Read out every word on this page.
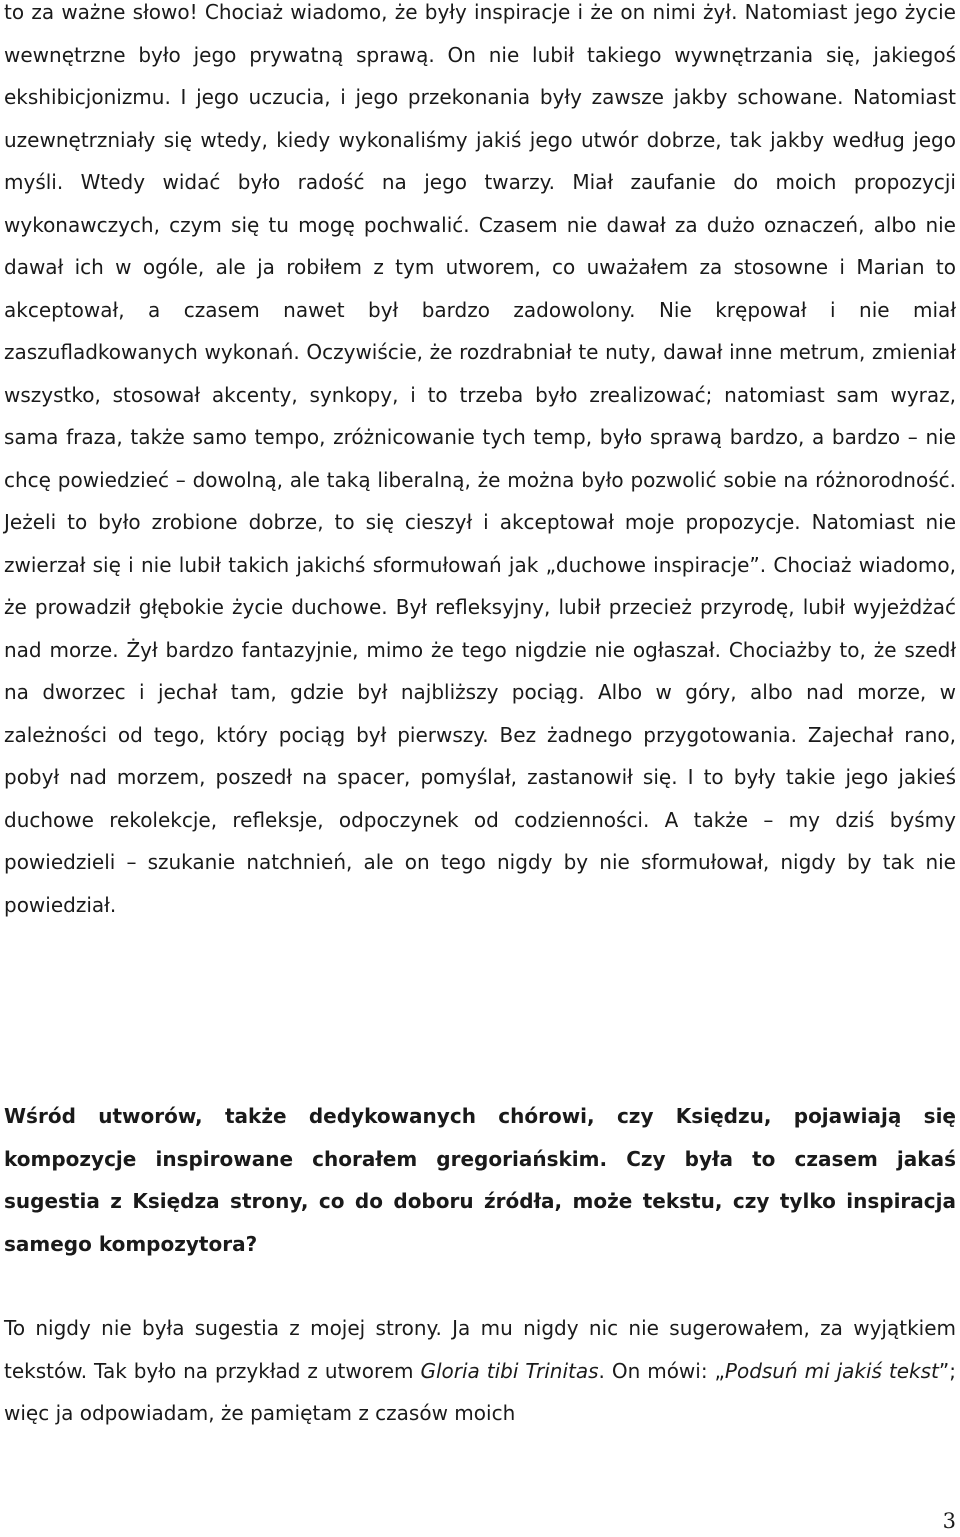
to za ważne słowo! Chociaż wiadomo, że były inspiracje i że on nimi żył. Natomiast jego życie wewnętrzne było jego prywatną sprawą. On nie lubił takiego wywnętrzania się, jakiegoś ekshibicjonizmu. I jego uczucia, i jego przekonania były zawsze jakby schowane. Natomiast uzewnętrzniały się wtedy, kiedy wykonaliśmy jakiś jego utwór dobrze, tak jakby według jego myśli. Wtedy widać było radość na jego twarzy. Miał zaufanie do moich propozycji wykonawczych, czym się tu mogę pochwalić. Czasem nie dawał za dużo oznaczeń, albo nie dawał ich w ogóle, ale ja robiłem z tym utworem, co uważałem za stosowne i Marian to akceptował, a czasem nawet był bardzo zadowolony. Nie krępował i nie miał zaszufladkowanych wykonań. Oczywiście, że rozdrabniał te nuty, dawał inne metrum, zmieniał wszystko, stosował akcenty, synkopy, i to trzeba było zrealizować; natomiast sam wyraz, sama fraza, także samo tempo, zróżnicowanie tych temp, było sprawą bardzo, a bardzo – nie chcę powiedzieć – dowolną, ale taką liberalną, że można było pozwolić sobie na różnorodność. Jeżeli to było zrobione dobrze, to się cieszył i akceptował moje propozycje. Natomiast nie zwierzał się i nie lubił takich jakichś sformułowań jak „duchowe inspiracje”. Chociaż wiadomo, że prowadził głębokie życie duchowe. Był refleksyjny, lubił przecież przyrodę, lubił wyjeżdżać nad morze. Żył bardzo fantazyjnie, mimo że tego nigdzie nie ogłaszał. Chociażby to, że szedł na dworzec i jechał tam, gdzie był najbliższy pociąg. Albo w góry, albo nad morze, w zależności od tego, który pociąg był pierwszy. Bez żadnego przygotowania. Zajechał rano, pobył nad morzem, poszedł na spacer, pomyślał, zastanowił się. I to były takie jego jakieś duchowe rekolekcje, refleksje, odpoczynek od codzienności. A także – my dziś byśmy powiedzieli – szukanie natchnień, ale on tego nigdy by nie sformułował, nigdy by tak nie powiedział.

Wśród utworów, także dedykowanych chórowi, czy Księdzu, pojawiają się kompozycje inspirowane chorałem gregoriańskim. Czy była to czasem jakaś sugestia z Księdza strony, co do doboru źródła, może tekstu, czy tylko inspiracja samego kompozytora?

To nigdy nie była sugestia z mojej strony. Ja mu nigdy nic nie sugerowałem, za wyjątkiem tekstów. Tak było na przykład z utworem Gloria tibi Trinitas. On mówi: „Podsuń mi jakiś tekst”; więc ja odpowiadam, że pamiętam z czasów moich

3
